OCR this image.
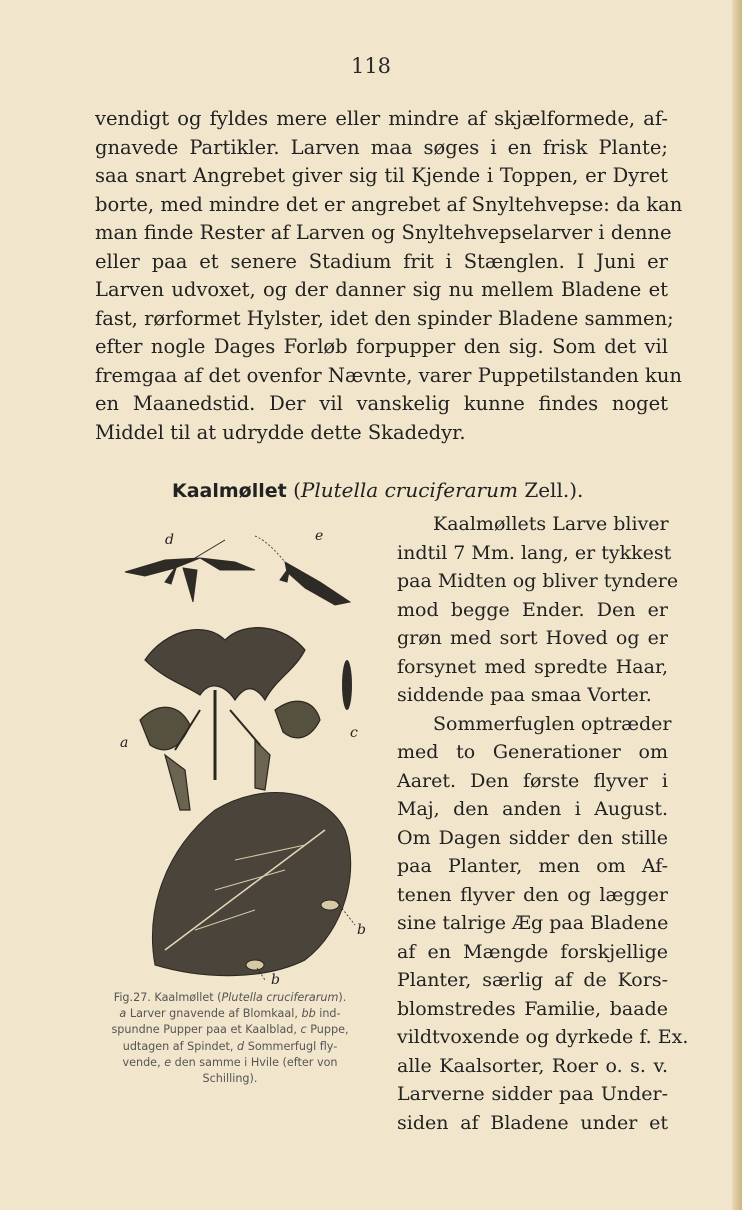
118
vendigt og fyldes mere eller mindre af skjælformede, af-
gnavede Partikler. Larven maa søges i en frisk Plante;
saa snart Angrebet giver sig til Kjende i Toppen, er Dyret
borte, med mindre det er angrebet af Snyltehvepse: da kan
man finde Rester af Larven og Snyltehvepselarver i denne
eller paa et senere Stadium frit i Stænglen. I Juni er
Larven udvoxet, og der danner sig nu mellem Bladene et
fast, rørformet Hylster, idet den spinder Bladene sammen;
efter nogle Dages Forløb forpupper den sig. Som det vil
fremgaa af det ovenfor Nævnte, varer Puppetilstanden kun
en Maanedstid. Der vil vanskelig kunne findes noget
Middel til at udrydde dette Skadedyr.
Kaalmøllet (Plutella cruciferarum Zell.).
d	e
a
c
b
b
Kaalmøllets Larve bliver
indtil 7 Mm. lang, er tykkest
paa Midten og bliver tyndere
mod begge Ender. Den er
grøn med sort Hoved og er
forsynet med spredte Haar,
siddende paa smaa Vorter.
Sommerfuglen optræder
med to Generationer om
Aaret. Den første flyver i
Maj, den anden i August.
Om Dagen sidder den stille
paa Planter, men om Af-
tenen flyver den og lægger
sine talrige Æg paa Bladene
af en Mængde forskjellige
Planter, særlig af de Kors-
blomstredes Familie, baade
vildtvoxende og dyrkede f. Ex.
alle Kaalsorter, Roer o. s. v.
Larverne sidder paa Under-
siden af Bladene under et
Fig.27. Kaalmøllet (Plutella cruciferarum).
a Larver gnavende af Blomkaal, bb ind-
spundne Pupper paa et Kaalblad, c Puppe,
udtagen af Spindet, d Sommerfugl fly-
vende, e den samme i Hvile (efter von
Schilling).
